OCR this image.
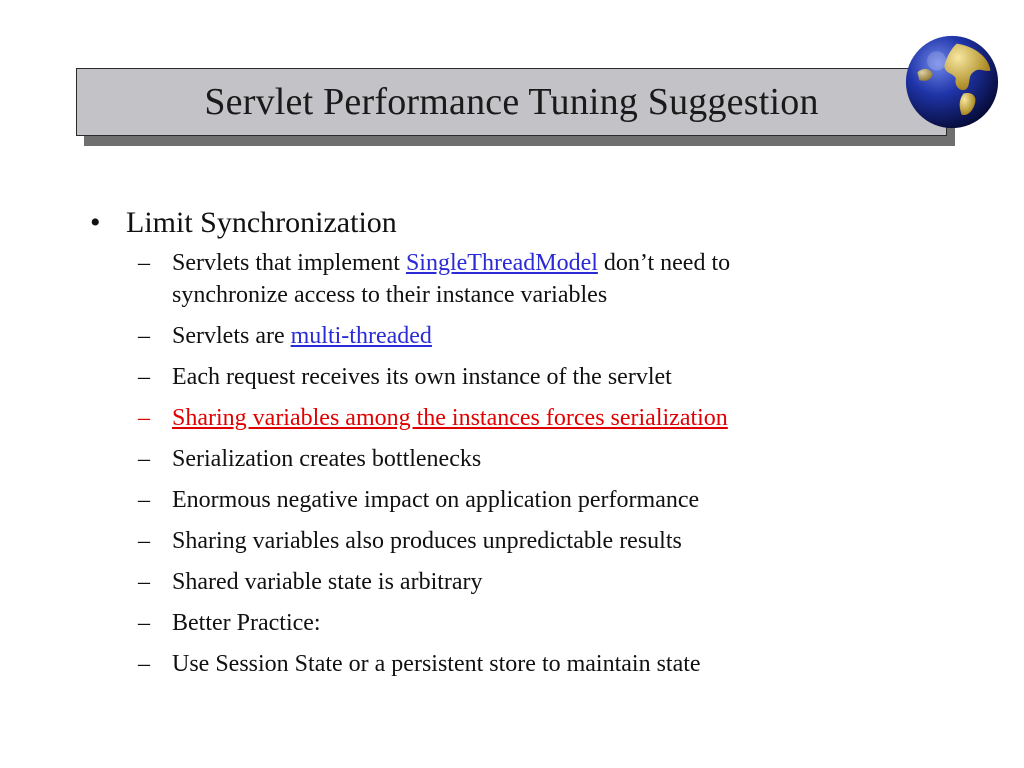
Servlet Performance Tuning Suggestion
• Limit Synchronization
– Servlets that implement SingleThreadModel don’t need to synchronize access to their instance variables
– Servlets are multi-threaded
– Each request receives its own instance of the servlet
– Sharing variables among the instances forces serialization
– Serialization creates bottlenecks
– Enormous negative impact on application performance
– Sharing variables also produces unpredictable results
– Shared variable state is arbitrary
– Better Practice:
– Use Session State or a persistent store to maintain state
